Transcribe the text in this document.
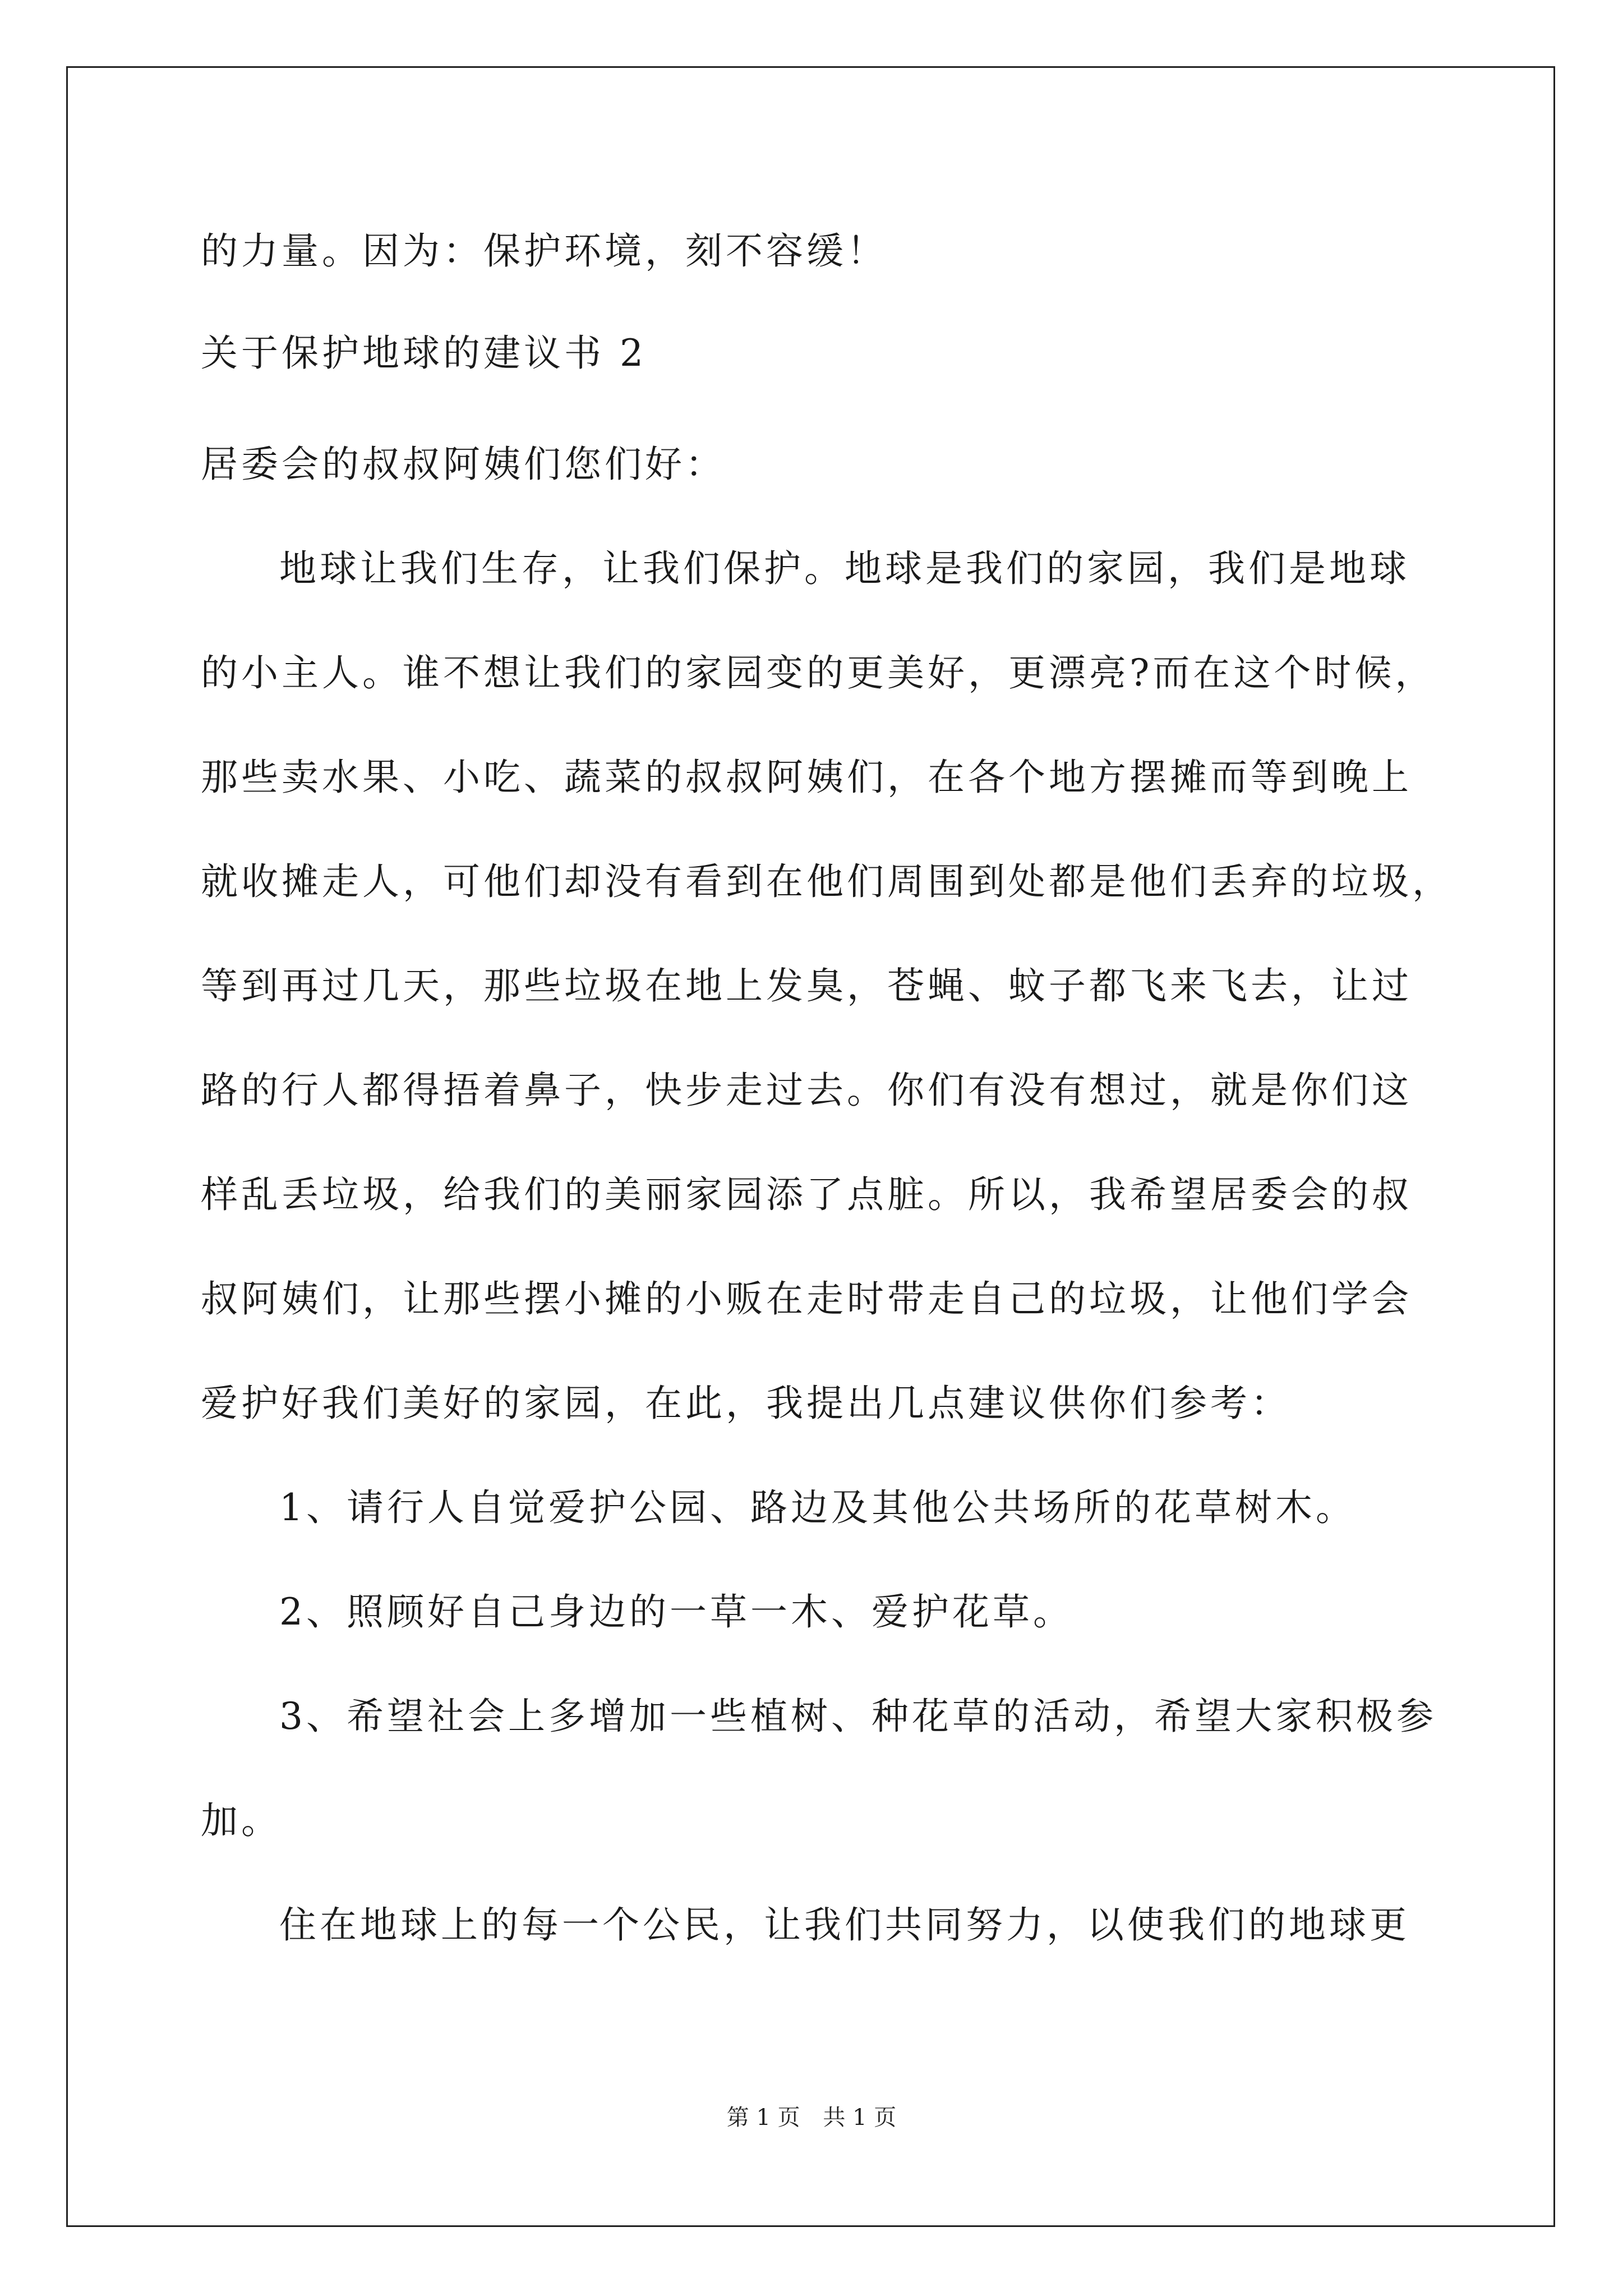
的力量。因为：保护环境，刻不容缓！
关于保护地球的建议书 2
居委会的叔叔阿姨们您们好：
地球让我们生存，让我们保护。地球是我们的家园，我们是地球
的小主人。谁不想让我们的家园变的更美好，更漂亮?而在这个时候，
那些卖水果、小吃、蔬菜的叔叔阿姨们，在各个地方摆摊而等到晚上
就收摊走人，可他们却没有看到在他们周围到处都是他们丢弃的垃圾，
等到再过几天，那些垃圾在地上发臭，苍蝇、蚊子都飞来飞去，让过
路的行人都得捂着鼻子，快步走过去。你们有没有想过，就是你们这
样乱丢垃圾，给我们的美丽家园添了点脏。所以，我希望居委会的叔
叔阿姨们，让那些摆小摊的小贩在走时带走自己的垃圾，让他们学会
爱护好我们美好的家园，在此，我提出几点建议供你们参考：
1、请行人自觉爱护公园、路边及其他公共场所的花草树木。
2、照顾好自己身边的一草一木、爱护花草。
3、希望社会上多增加一些植树、种花草的活动，希望大家积极参
加。
住在地球上的每一个公民，让我们共同努力，以使我们的地球更
第 1 页 共 1 页
